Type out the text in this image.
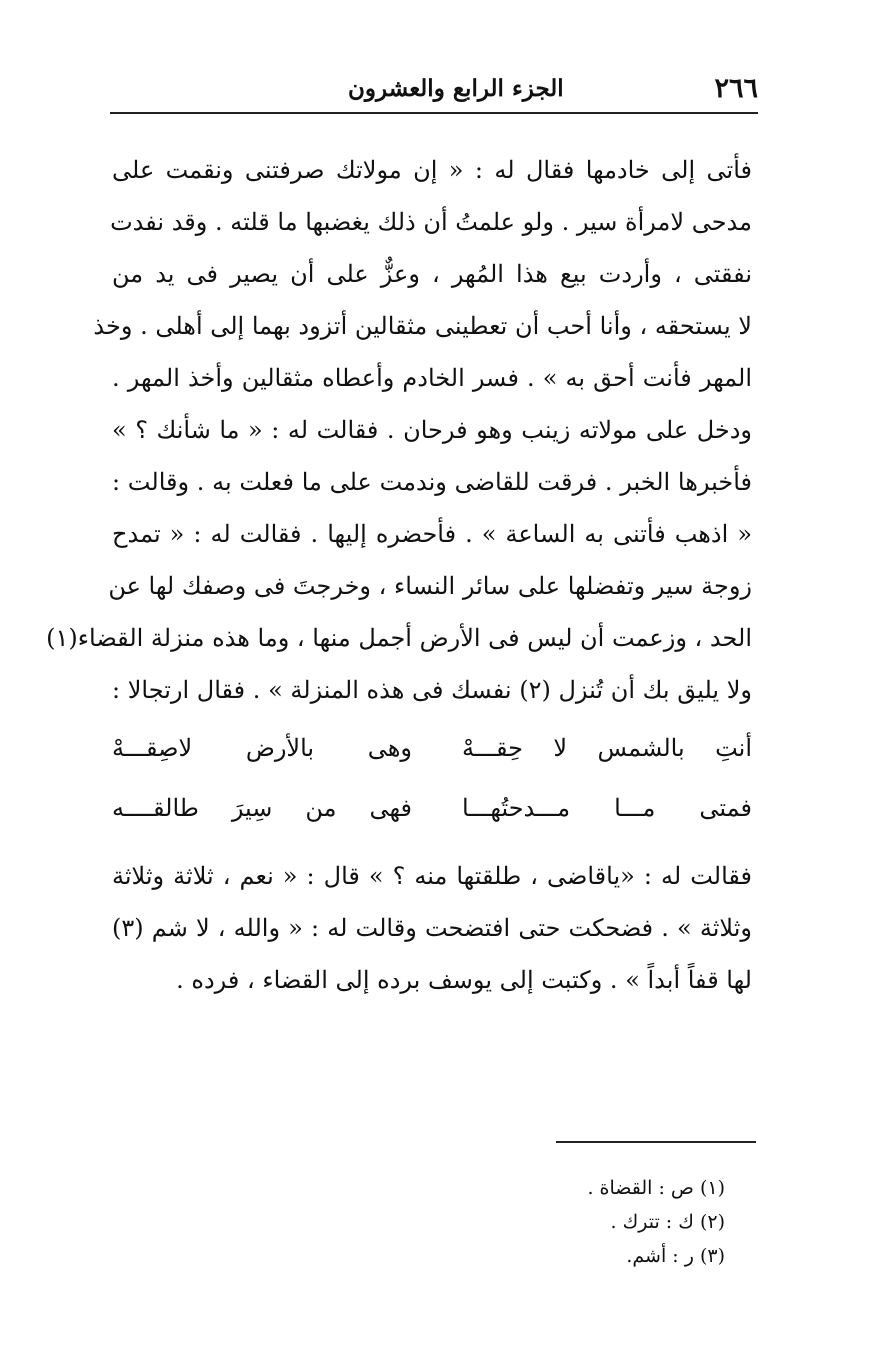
٢٦٦
الجزء الرابع والعشرون
فأتى إلى خادمها فقال له : « إن مولاتك صرفتنى ونقمت على
مدحى لامرأة سير . ولو علمتُ أن ذلك يغضبها ما قلته . وقد نفدت
نفقتى ، وأردت بيع هذا المُهر ، وعزٌّ على أن يصير فى يد من
لا يستحقه ، وأنا أحب أن تعطينى مثقالين أتزود بهما إلى أهلى . وخذ
المهر فأنت أحق به » . فسر الخادم وأعطاه مثقالين وأخذ المهر .
ودخل على مولاته زينب وهو فرحان . فقالت له : « ما شأنك ؟ »
فأخبرها الخبر . فرقت للقاضى وندمت على ما فعلت به . وقالت :
« اذهب فأتنى به الساعة » . فأحضره إليها . فقالت له : « تمدح
زوجة سير وتفضلها على سائر النساء ، وخرجتَ فى وصفك لها عن
الحد ، وزعمت أن ليس فى الأرض أجمل منها ، وما هذه منزلة القضاء(١)
ولا يليق بك أن تُنزل (٢) نفسك فى هذه المنزلة » . فقال ارتجالا :
أنتِ بالشمس لا حِقـــهْ
وهى بالأرض لاصِقـــهْ
فمتى مـــا مـــدحتُهـــا
فهى من سِيرَ طالقــــه
فقالت له : «ياقاضى ، طلقتها منه ؟ » قال : « نعم ، ثلاثة وثلاثة
وثلاثة » . فضحكت حتى افتضحت وقالت له : « والله ، لا شم (٣)
لها قفاً أبداً » . وكتبت إلى يوسف برده إلى القضاء ، فرده .
(١) ص : القضاة .
(٢) ك : تترك .
(٣) ر : أشم.
